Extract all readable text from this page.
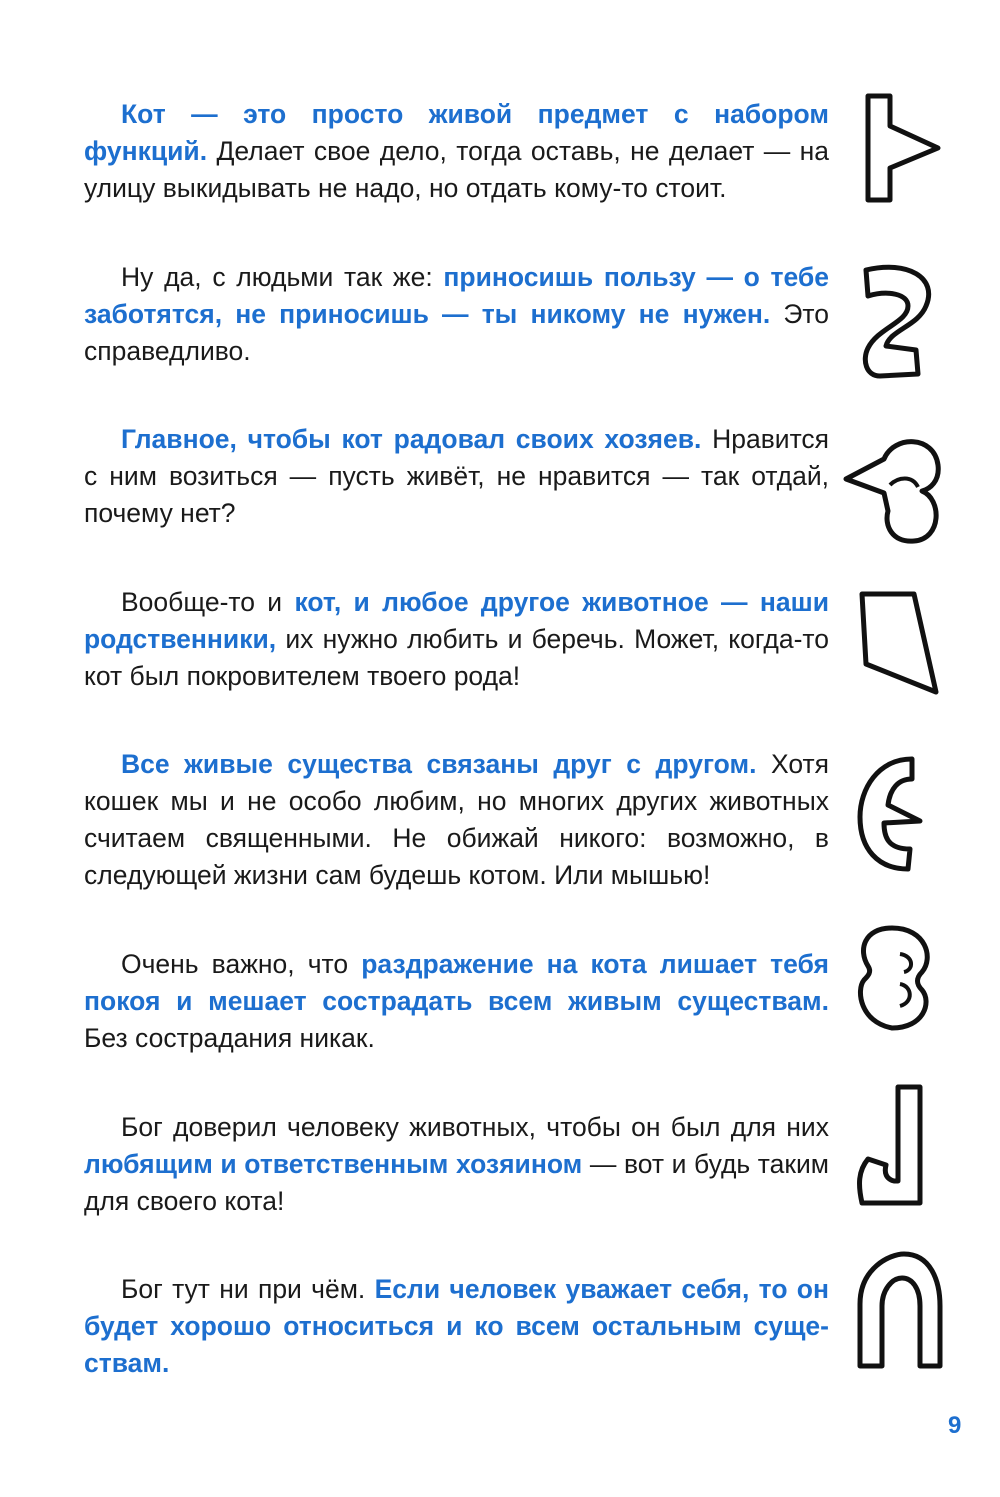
Кот — это просто живой предмет с набором функций. Делает свое дело, тогда оставь, не делает — на улицу выкидывать не надо, но отдать кому-то стоит.

Ну да, с людьми так же: приносишь пользу — о тебе заботятся, не приносишь — ты никому не нужен. Это справедливо.

Главное, чтобы кот радовал своих хозяев. Нравится с ним возиться — пусть живёт, не нравится — так отдай, почему нет?

Вообще-то и кот, и любое другое животное — наши родственники, их нужно любить и беречь. Может, когда-то кот был покровителем твоего рода!

Все живые существа связаны друг с другом. Хотя кошек мы и не особо любим, но многих других животных считаем священными. Не обижай никого: возможно, в следующей жизни сам будешь котом. Или мышью!

Очень важно, что раздражение на кота лишает тебя покоя и мешает сострадать всем живым существам. Без сострадания никак.

Бог доверил человеку животных, чтобы он был для них любящим и ответственным хозяином — вот и будь таким для своего кота!

Бог тут ни при чём. Если человек уважает себя, то он будет хорошо относиться и ко всем остальным существам.

9
